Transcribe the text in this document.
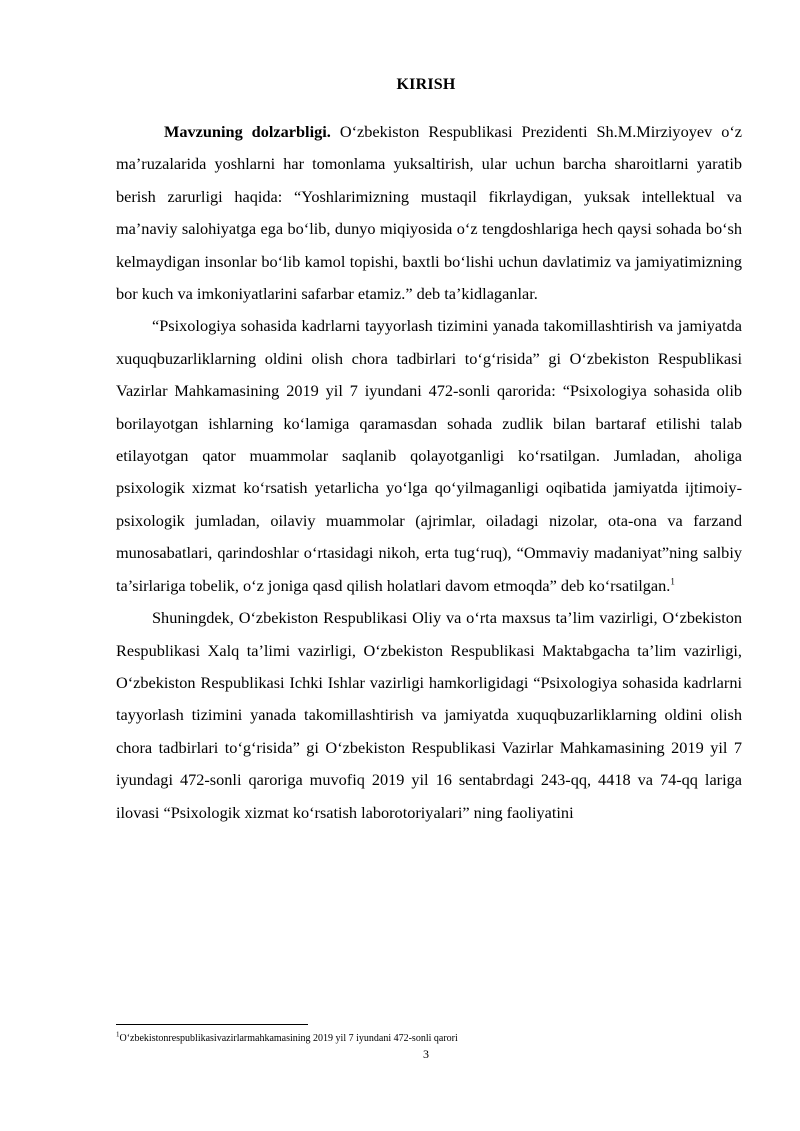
KIRISH

Mavzuning dolzarbligi. O‘zbekiston Respublikasi Prezidenti Sh.M.Mirziyoyev o‘z ma’ruzalarida yoshlarni har tomonlama yuksaltirish, ular uchun barcha sharoitlarni yaratib berish zarurligi haqida: “Yoshlarimizning mustaqil fikrlaydigan, yuksak intellektual va ma’naviy salohiyatga ega bo‘lib, dunyo miqiyosida o‘z tengdoshlariga hech qaysi sohada bo‘sh kelmaydigan insonlar bo‘lib kamol topishi, baxtli bo‘lishi uchun davlatimiz va jamiyatimizning bor kuch va imkoniyatlarini safarbar etamiz.” deb ta’kidlaganlar.

“Psixologiya sohasida kadrlarni tayyorlash tizimini yanada takomillashtirish va jamiyatda xuquqbuzarliklarning oldini olish chora tadbirlari to‘g‘risida” gi O‘zbekiston Respublikasi Vazirlar Mahkamasining 2019 yil 7 iyundani 472-sonli qarorida: “Psixologiya sohasida olib borilayotgan ishlarning ko‘lamiga qaramasdan sohada zudlik bilan bartaraf etilishi talab etilayotgan qator muammolar saqlanib qolayotganligi ko‘rsatilgan. Jumladan, aholiga psixologik xizmat ko‘rsatish yetarlicha yo‘lga qo‘yilmaganligi oqibatida jamiyatda ijtimoiy-psixologik jumladan, oilaviy muammolar (ajrimlar, oiladagi nizolar, ota-ona va farzand munosabatlari, qarindoshlar o‘rtasidagi nikoh, erta tug‘ruq), “Ommaviy madaniyat”ning salbiy ta’sirlariga tobelik, o‘z joniga qasd qilish holatlari davom etmoqda” deb ko‘rsatilgan.$^1$

Shuningdek, O‘zbekiston Respublikasi Oliy va o‘rta maxsus ta’lim vazirligi, O‘zbekiston Respublikasi Xalq ta’limi vazirligi, O‘zbekiston Respublikasi Maktabgacha ta’lim vazirligi, O‘zbekiston Respublikasi Ichki Ishlar vazirligi hamkorligidagi “Psixologiya sohasida kadrlarni tayyorlash tizimini yanada takomillashtirish va jamiyatda xuquqbuzarliklarning oldini olish chora tadbirlari to‘g‘risida” gi O‘zbekiston Respublikasi Vazirlar Mahkamasining 2019 yil 7 iyundagi 472-sonli qaroriga muvofiq 2019 yil 16 sentabrdagi 243-qq, 4418 va 74-qq lariga ilovasi “Psixologik xizmat ko‘rsatish laborotoriyalari” ning faoliyatini

$^1$O‘zbekistonrespublikasivazirlarmahkamasining 2019 yil 7 iyundani 472-sonli qarori
3
